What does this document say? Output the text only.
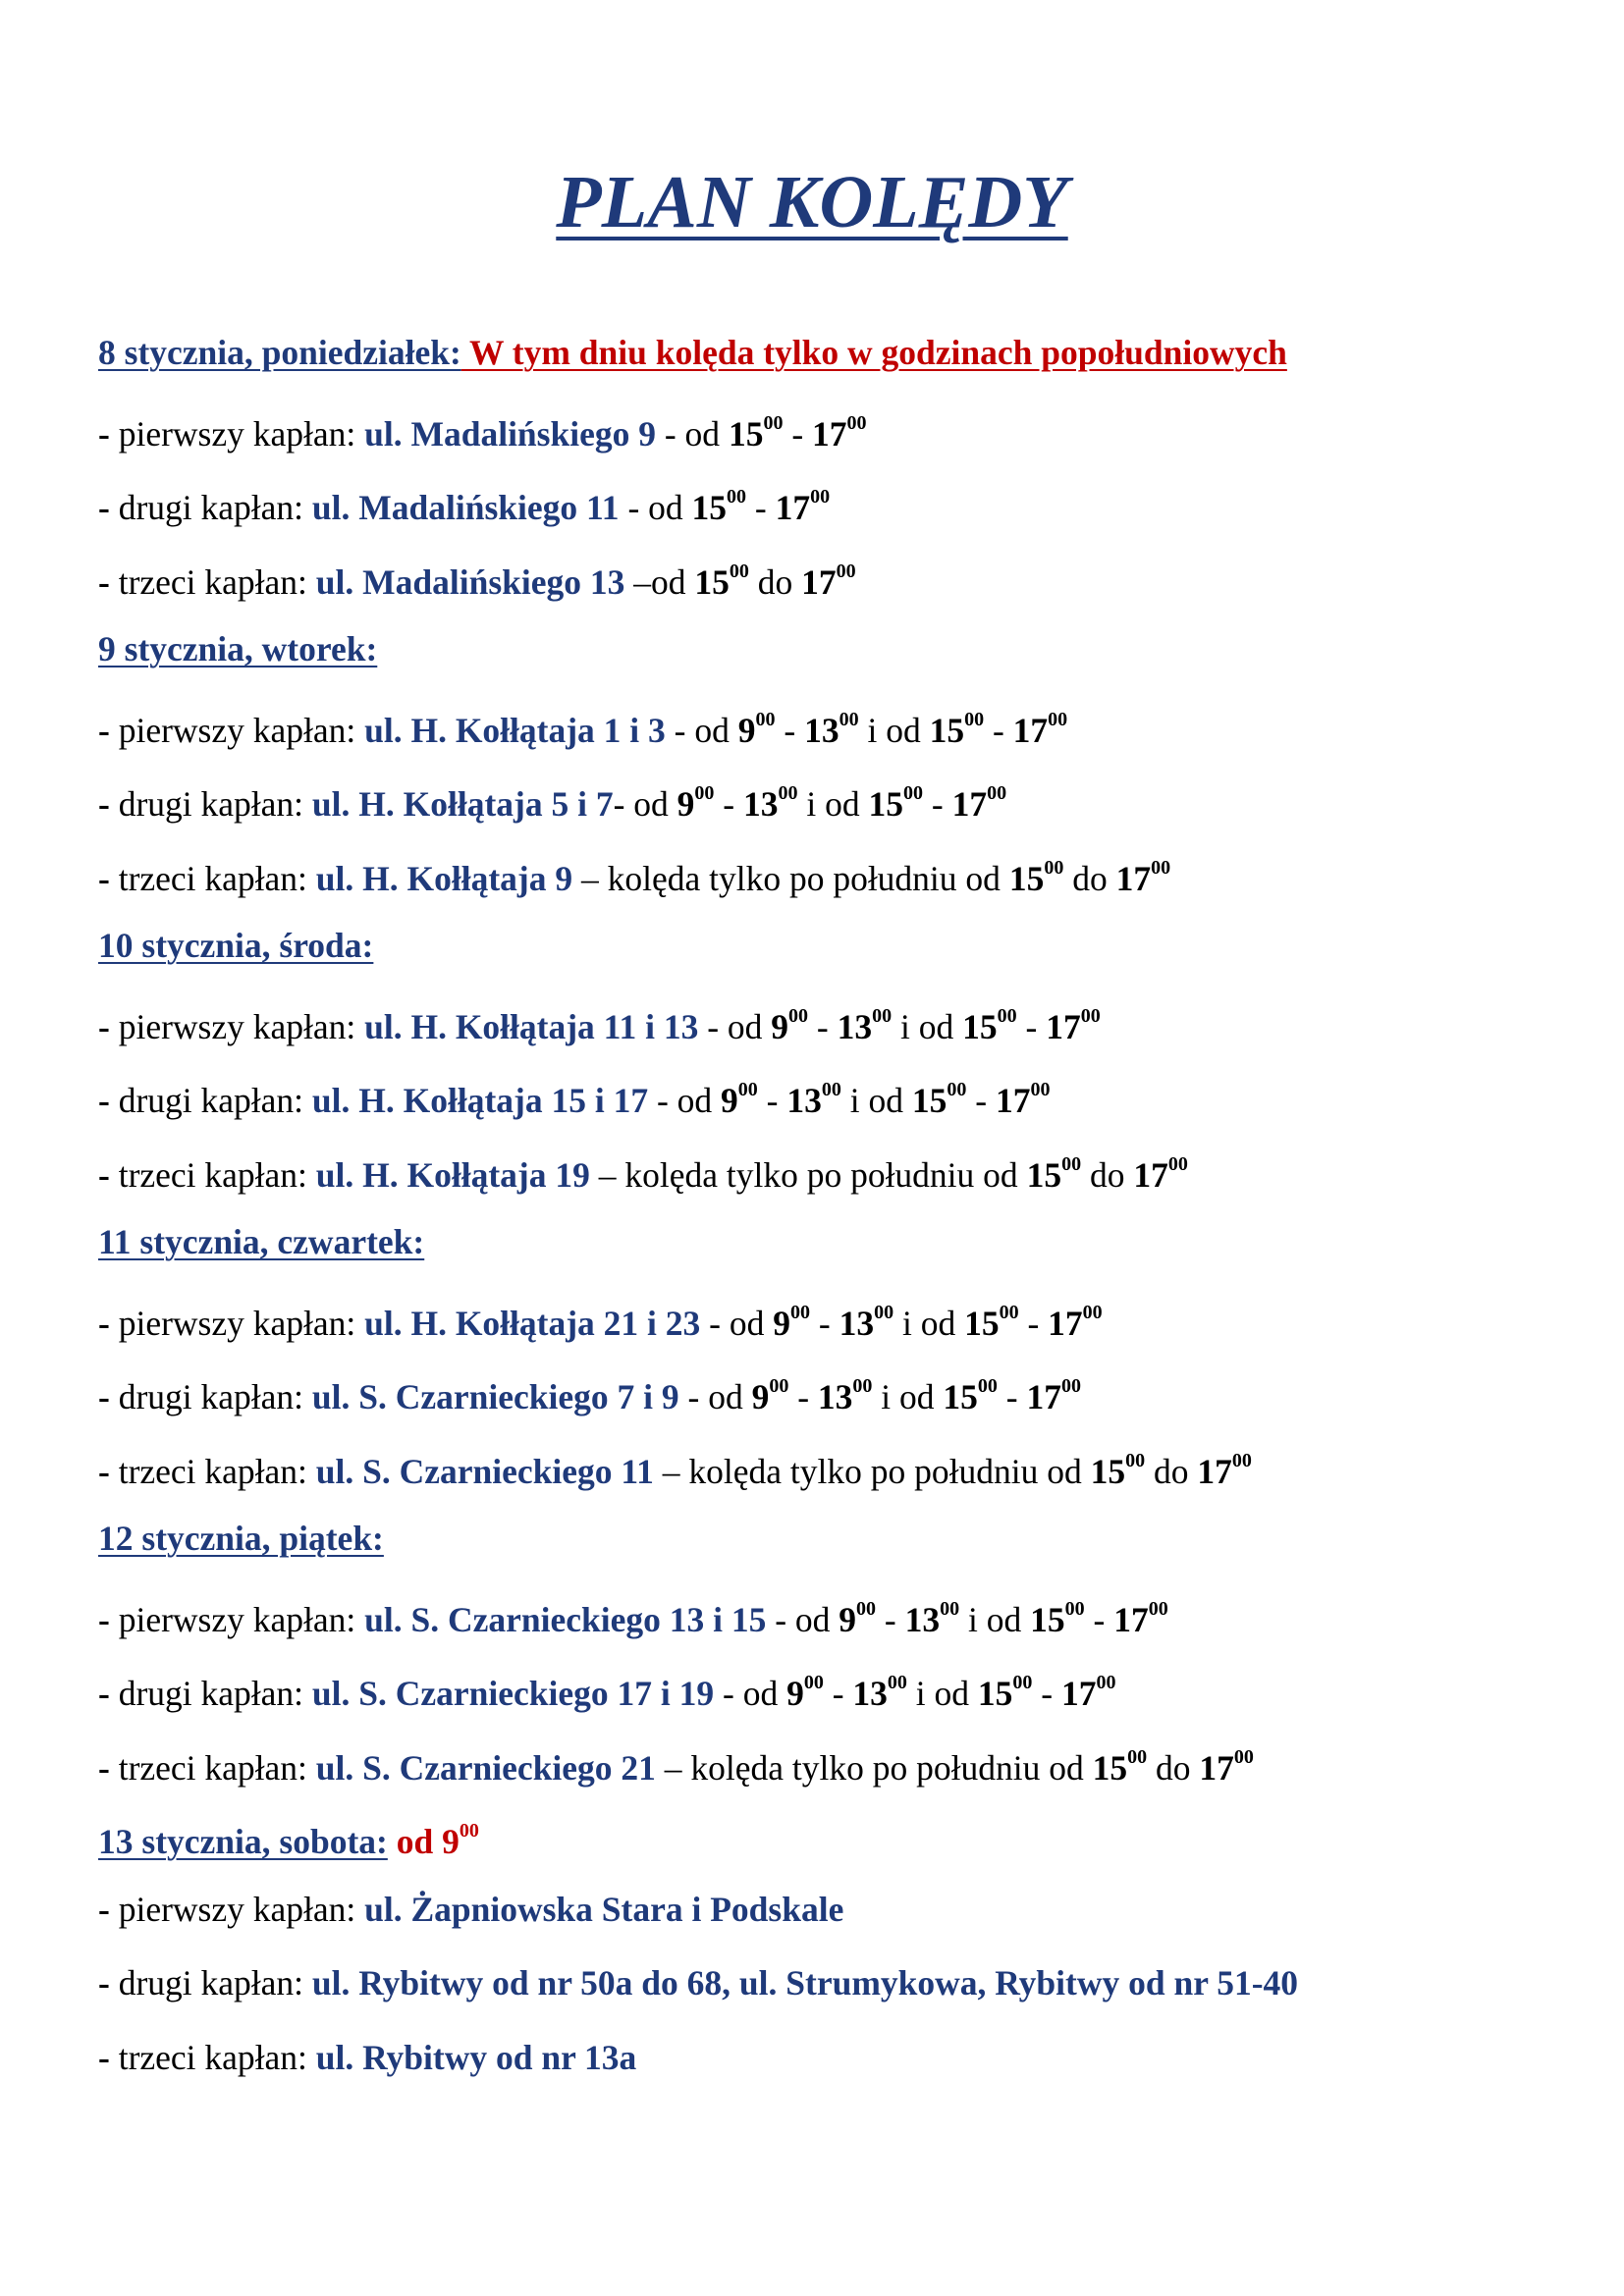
PLAN KOLĘDY
8 stycznia, poniedziałek: W tym dniu kolęda tylko w godzinach popołudniowych
- pierwszy kapłan: ul. Madalińskiego 9 - od $15^{00} - 17^{00}$
- drugi kapłan: ul. Madalińskiego 11 - od $15^{00} - 17^{00}$
- trzeci kapłan: ul. Madalińskiego 13 –od $15^{00}$ do $17^{00}$
9 stycznia, wtorek:
- pierwszy kapłan: ul. H. Kołłątaja 1 i 3 - od $9^{00} - 13^{00}$ i od $15^{00} - 17^{00}$
- drugi kapłan: ul. H. Kołłątaja 5 i 7- od $9^{00} - 13^{00}$ i od $15^{00} - 17^{00}$
- trzeci kapłan: ul. H. Kołłątaja 9 – kolęda tylko po południu od $15^{00}$ do $17^{00}$
10 stycznia, środa:
- pierwszy kapłan: ul. H. Kołłątaja 11 i 13 - od $9^{00} - 13^{00}$ i od $15^{00} - 17^{00}$
- drugi kapłan: ul. H. Kołłątaja 15 i 17 - od $9^{00} - 13^{00}$ i od $15^{00} - 17^{00}$
- trzeci kapłan: ul. H. Kołłątaja 19 – kolęda tylko po południu od $15^{00}$ do $17^{00}$
11 stycznia, czwartek:
- pierwszy kapłan: ul. H. Kołłątaja 21 i 23 - od $9^{00} - 13^{00}$ i od $15^{00} - 17^{00}$
- drugi kapłan: ul. S. Czarnieckiego 7 i 9 - od $9^{00} - 13^{00}$ i od $15^{00} - 17^{00}$
- trzeci kapłan: ul. S. Czarnieckiego 11 – kolęda tylko po południu od $15^{00}$ do $17^{00}$
12 stycznia, piątek:
- pierwszy kapłan: ul. S. Czarnieckiego 13 i 15 - od $9^{00} - 13^{00}$ i od $15^{00} - 17^{00}$
- drugi kapłan: ul. S. Czarnieckiego 17 i 19 - od $9^{00} - 13^{00}$ i od $15^{00} - 17^{00}$
- trzeci kapłan: ul. S. Czarnieckiego 21 – kolęda tylko po południu od $15^{00}$ do $17^{00}$
13 stycznia, sobota: od $9^{00}$
- pierwszy kapłan: ul. Żapniowska Stara i Podskale
- drugi kapłan: ul. Rybitwy od nr 50a do 68, ul. Strumykowa, Rybitwy od nr 51-40
- trzeci kapłan: ul. Rybitwy od nr 13a
